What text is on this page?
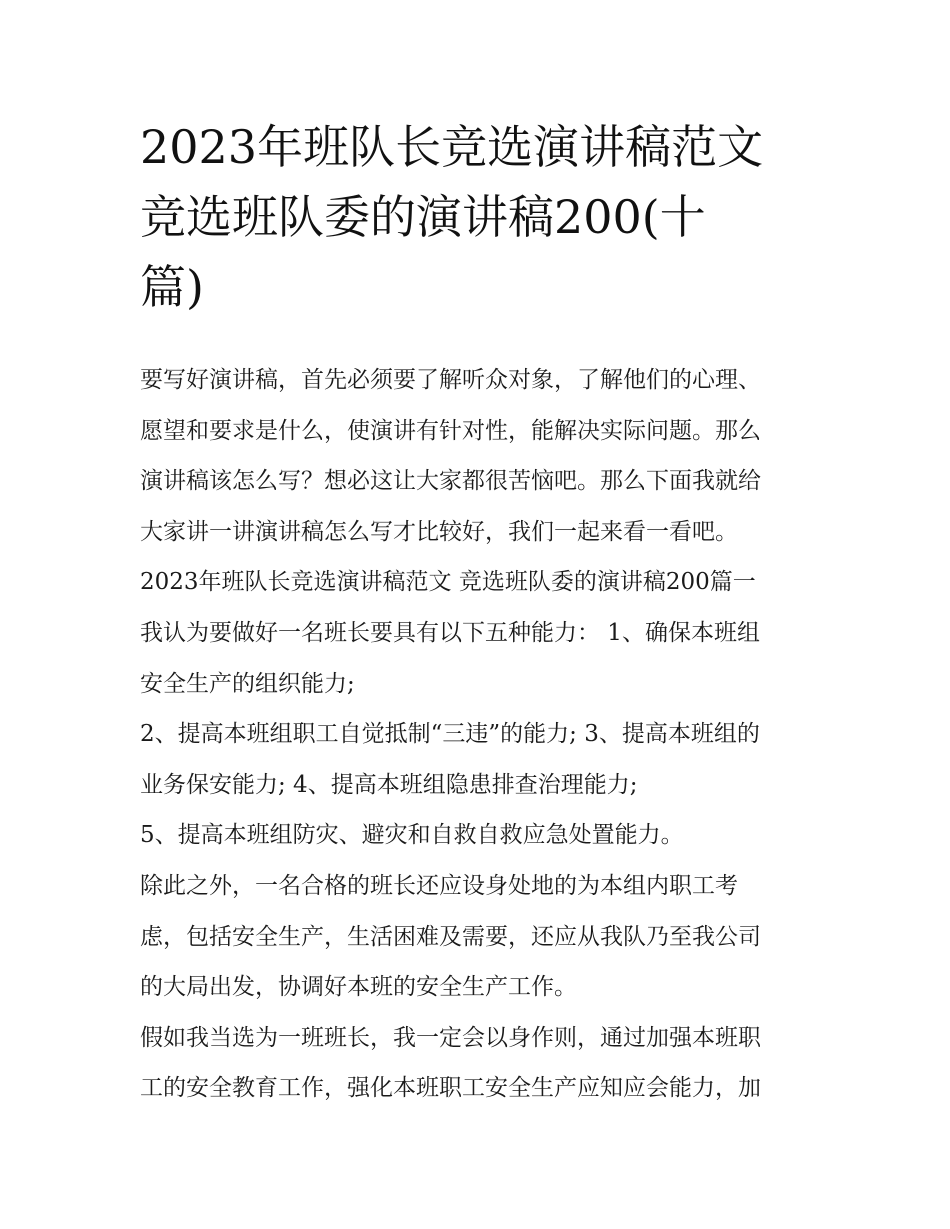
2023年班队长竞选演讲稿范文
竞选班队委的演讲稿200(十
篇)
要写好演讲稿，首先必须要了解听众对象，了解他们的心理、
愿望和要求是什么，使演讲有针对性，能解决实际问题。那么
演讲稿该怎么写？想必这让大家都很苦恼吧。那么下面我就给
大家讲一讲演讲稿怎么写才比较好，我们一起来看一看吧。
2023年班队长竞选演讲稿范文 竞选班队委的演讲稿200篇一
我认为要做好一名班长要具有以下五种能力： 1、确保本班组
安全生产的组织能力;
2、提高本班组职工自觉抵制“三违”的能力; 3、提高本班组的
业务保安能力; 4、提高本班组隐患排查治理能力;
5、提高本班组防灾、避灾和自救自救应急处置能力。
除此之外，一名合格的班长还应设身处地的为本组内职工考
虑，包括安全生产，生活困难及需要，还应从我队乃至我公司
的大局出发，协调好本班的安全生产工作。
假如我当选为一班班长，我一定会以身作则，通过加强本班职
工的安全教育工作，强化本班职工安全生产应知应会能力，加
